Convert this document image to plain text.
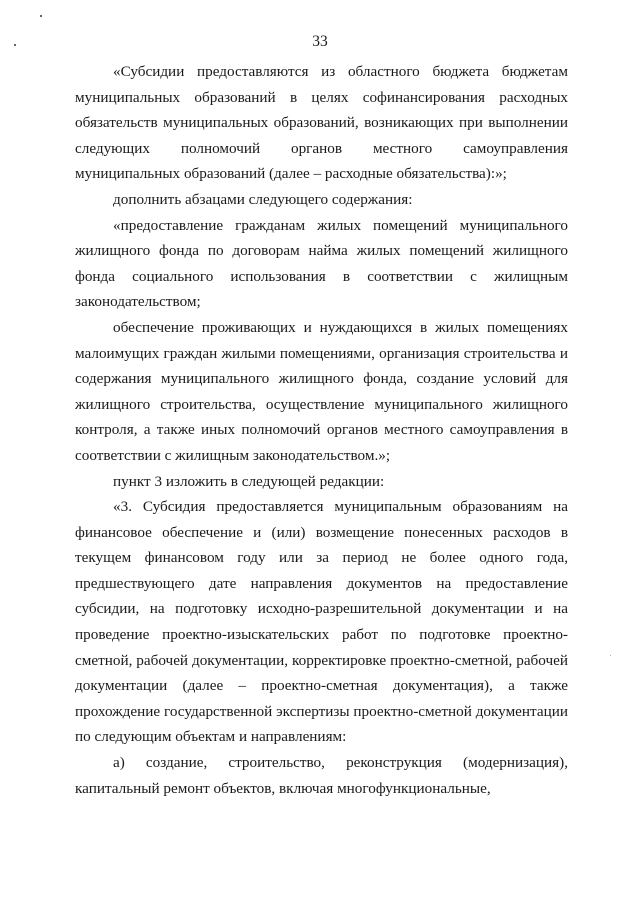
33

«Субсидии предоставляются из областного бюджета бюджетам муниципальных образований в целях софинансирования расходных обязательств муниципальных образований, возникающих при выполнении следующих полномочий органов местного самоуправления муниципальных образований (далее – расходные обязательства):»;

дополнить абзацами следующего содержания:

«предоставление гражданам жилых помещений муниципального жилищного фонда по договорам найма жилых помещений жилищного фонда социального использования в соответствии с жилищным законодательством;

обеспечение проживающих и нуждающихся в жилых помещениях малоимущих граждан жилыми помещениями, организация строительства и содержания муниципального жилищного фонда, создание условий для жилищного строительства, осуществление муниципального жилищного контроля, а также иных полномочий органов местного самоуправления в соответствии с жилищным законодательством.»;

пункт 3 изложить в следующей редакции:

«3. Субсидия предоставляется муниципальным образованиям на финансовое обеспечение и (или) возмещение понесенных расходов в текущем финансовом году или за период не более одного года, предшествующего дате направления документов на предоставление субсидии, на подготовку исходно-разрешительной документации и на проведение проектно-изыскательских работ по подготовке проектно-сметной, рабочей документации, корректировке проектно-сметной, рабочей документации (далее – проектно-сметная документация), а также прохождение государственной экспертизы проектно-сметной документации по следующим объектам и направлениям:

а) создание, строительство, реконструкция (модернизация), капитальный ремонт объектов, включая многофункциональные,
